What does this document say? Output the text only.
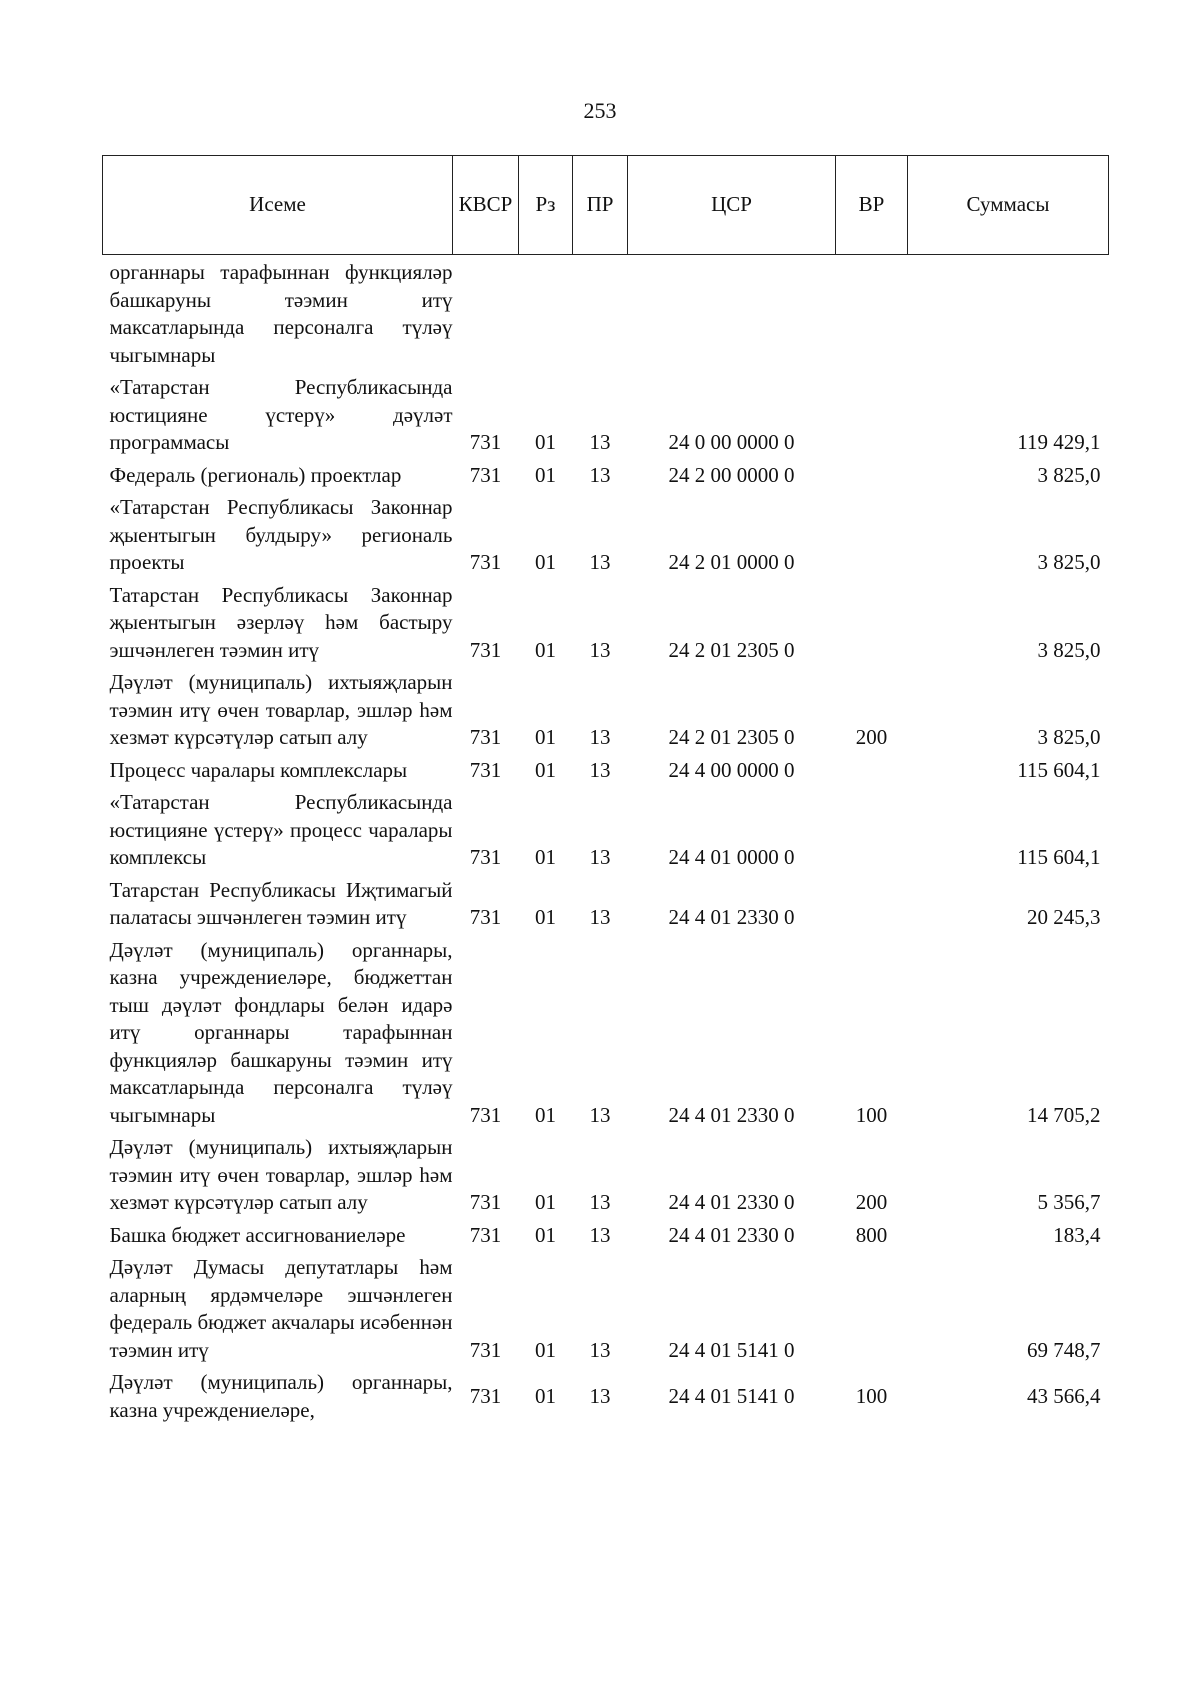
253
Исеме	КВСР	Рз	ПР	ЦСР	ВР	Суммасы
органнары тарафыннан функцияләр башкаруны тәэмин итү максатларында персоналга түләү чыгымнары						
«Татарстан Республикасында юстицияне үстерү» дәүләт программасы	731	01	13	24 0 00 0000 0		119 429,1
Федераль (региональ) проектлар	731	01	13	24 2 00 0000 0		3 825,0
«Татарстан Республикасы Законнар җыентыгын булдыру» региональ проекты	731	01	13	24 2 01 0000 0		3 825,0
Татарстан Республикасы Законнар җыентыгын әзерләү һәм бастыру эшчәнлеген тәэмин итү	731	01	13	24 2 01 2305 0		3 825,0
Дәүләт (муниципаль) ихтыяҗларын тәэмин итү өчен товарлар, эшләр һәм хезмәт күрсәтүләр сатып алу	731	01	13	24 2 01 2305 0	200	3 825,0
Процесс чаралары комплекслары	731	01	13	24 4 00 0000 0		115 604,1
«Татарстан Республикасында юстицияне үстерү» процесс чаралары комплексы	731	01	13	24 4 01 0000 0		115 604,1
Татарстан Республикасы Иҗтимагый палатасы эшчәнлеген тәэмин итү	731	01	13	24 4 01 2330 0		20 245,3
Дәүләт (муниципаль) органнары, казна учреждениеләре, бюджеттан тыш дәүләт фондлары белән идарә итү органнары тарафыннан функцияләр башкаруны тәэмин итү максатларында персоналга түләү чыгымнары	731	01	13	24 4 01 2330 0	100	14 705,2
Дәүләт (муниципаль) ихтыяҗларын тәэмин итү өчен товарлар, эшләр һәм хезмәт күрсәтүләр сатып алу	731	01	13	24 4 01 2330 0	200	5 356,7
Башка бюджет ассигнованиеләре	731	01	13	24 4 01 2330 0	800	183,4
Дәүләт Думасы депутатлары һәм аларның ярдәмчеләре эшчәнлеген федераль бюджет акчалары исәбеннән тәэмин итү	731	01	13	24 4 01 5141 0		69 748,7
Дәүләт (муниципаль) органнары, казна учреждениеләре,	731	01	13	24 4 01 5141 0	100	43 566,4
